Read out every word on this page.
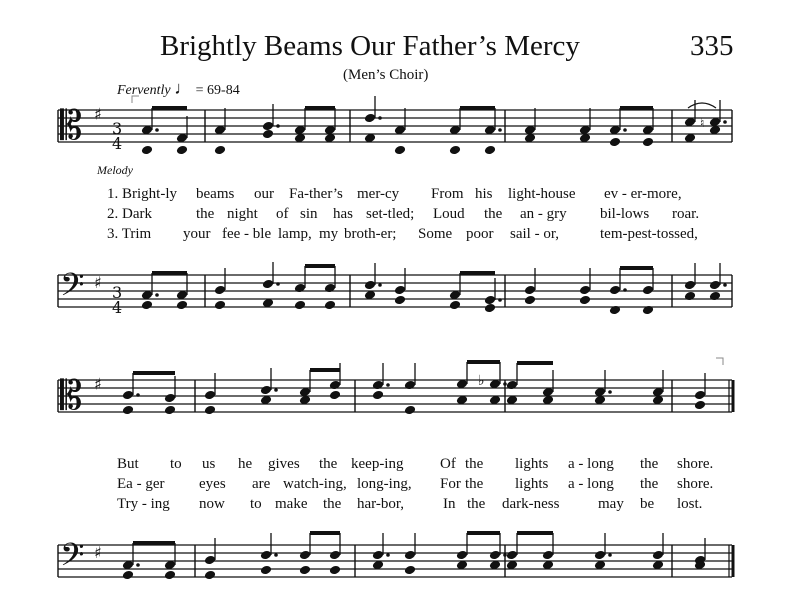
Brightly Beams Our Father’s Mercy	335
(Men’s Choir)
Fervently ♩ = 69-84
Melody
𝄡
𝄢
♯
♯
3
4
3
4
𝄡
𝄢
♯
♯
♭
♮
1. Bright-ly beams our Fa-ther’s mer-cy From his light-house ev - er-more,
2. Dark	the night of sin has set-tled; Loud the an - gry bil-lows roar.
3. Trim your fee - ble lamp, my broth-er; Some poor sail - or,	tem-pest-tossed,
But to us he gives the keep-ing Of the lights a - long the shore.
Ea - ger eyes are watch-ing, long-ing, For the lights a - long the shore.
Try - ing now to make the har-bor,	In the dark-ness	may be lost.
